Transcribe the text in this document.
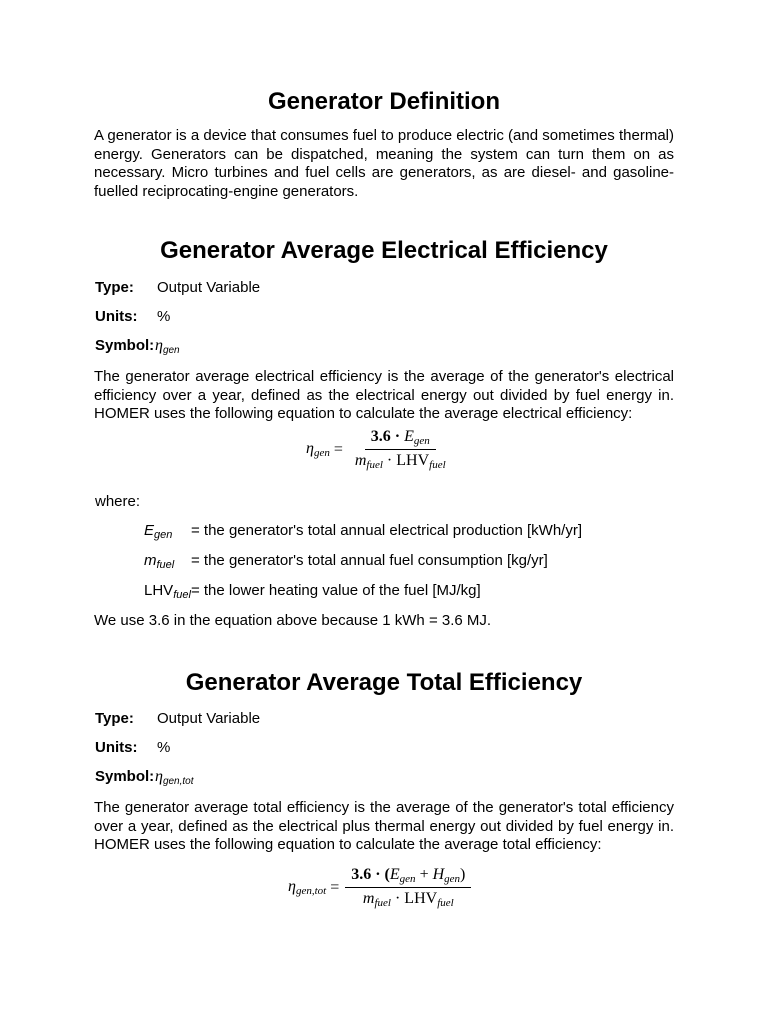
Generator Definition

A generator is a device that consumes fuel to produce electric (and sometimes thermal) energy. Generators can be dispatched, meaning the system can turn them on as necessary. Micro turbines and fuel cells are generators, as are diesel- and gasoline-fuelled reciprocating-engine generators.

Generator Average Electrical Efficiency
Type: Output Variable
Units: %
$Symbol:\eta_{gen}$

The generator average electrical efficiency is the average of the generator's electrical efficiency over a year, defined as the electrical energy out divided by fuel energy in. HOMER uses the following equation to calculate the average electrical efficiency:

$\eta_{gen} = \frac{3.6 \cdot E_{gen}}{m_{fuel} \cdot LHV_{fuel}}$
where:
$E_{gen}$ = the generator's total annual electrical production [kWh/yr]
$m_{fuel}$ = the generator's total annual fuel consumption [kg/yr]
$LHV_{fuel}=$ the lower heating value of the fuel [MJ/kg]
We use 3.6 in the equation above because 1 kWh = 3.6 MJ.
Generator Average Total Efficiency
Type: Output Variable
Units: %
$Symbol:\eta_{gen,tot}$

The generator average total efficiency is the average of the generator's total efficiency over a year, defined as the electrical plus thermal energy out divided by fuel energy in. HOMER uses the following equation to calculate the average total efficiency:

$\eta_{gen,tot} = \frac{3.6 \cdot (E_{gen} + H_{gen})}{m_{fuel} \cdot LHV_{fuel}}$
